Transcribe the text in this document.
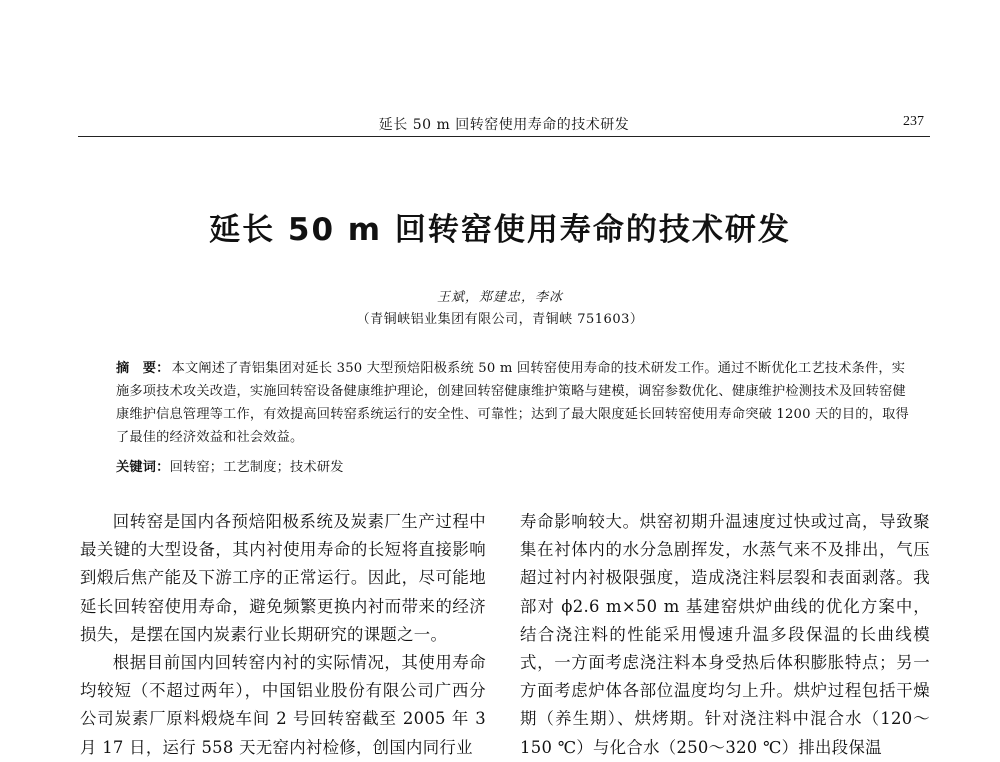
延长 50 m 回转窑使用寿命的技术研发	237
延长 50 m 回转窑使用寿命的技术研发
王斌，郑建忠，李冰
（青铜峡铝业集团有限公司，青铜峡 751603）
摘　要： 本文阐述了青铝集团对延长 350 大型预焙阳极系统 50 m 回转窑使用寿命的技术研发工作。通过不断优化工艺技术条件，实施多项技术攻关改造，实施回转窑设备健康维护理论，创建回转窑健康维护策略与建模，调窑参数优化、健康维护检测技术及回转窑健康维护信息管理等工作，有效提高回转窑系统运行的安全性、可靠性；达到了最大限度延长回转窑使用寿命突破 1200 天的目的，取得了最佳的经济效益和社会效益。
关键词：回转窑；工艺制度；技术研发

回转窑是国内各预焙阳极系统及炭素厂生产过程中最关键的大型设备，其内衬使用寿命的长短将直接影响到煅后焦产能及下游工序的正常运行。因此，尽可能地延长回转窑使用寿命，避免频繁更换内衬而带来的经济损失，是摆在国内炭素行业长期研究的课题之一。

根据目前国内回转窑内衬的实际情况，其使用寿命均较短（不超过两年），中国铝业股份有限公司广西分公司炭素厂原料煅烧车间 2 号回转窑截至 2005 年 3 月 17 日，运行 558 天无窑内衬检修，创国内同行业

寿命影响较大。烘窑初期升温速度过快或过高，导致聚集在衬体内的水分急剧挥发，水蒸气来不及排出，气压超过衬内衬极限强度，造成浇注料层裂和表面剥落。我部对 ϕ2.6 m×50 m 基建窑烘炉曲线的优化方案中，结合浇注料的性能采用慢速升温多段保温的长曲线模式，一方面考虑浇注料本身受热后体积膨胀特点；另一方面考虑炉体各部位温度均匀上升。烘炉过程包括干燥期（养生期）、烘烤期。针对浇注料中混合水（120～150 ℃）与化合水（250～320 ℃）排出段保温
